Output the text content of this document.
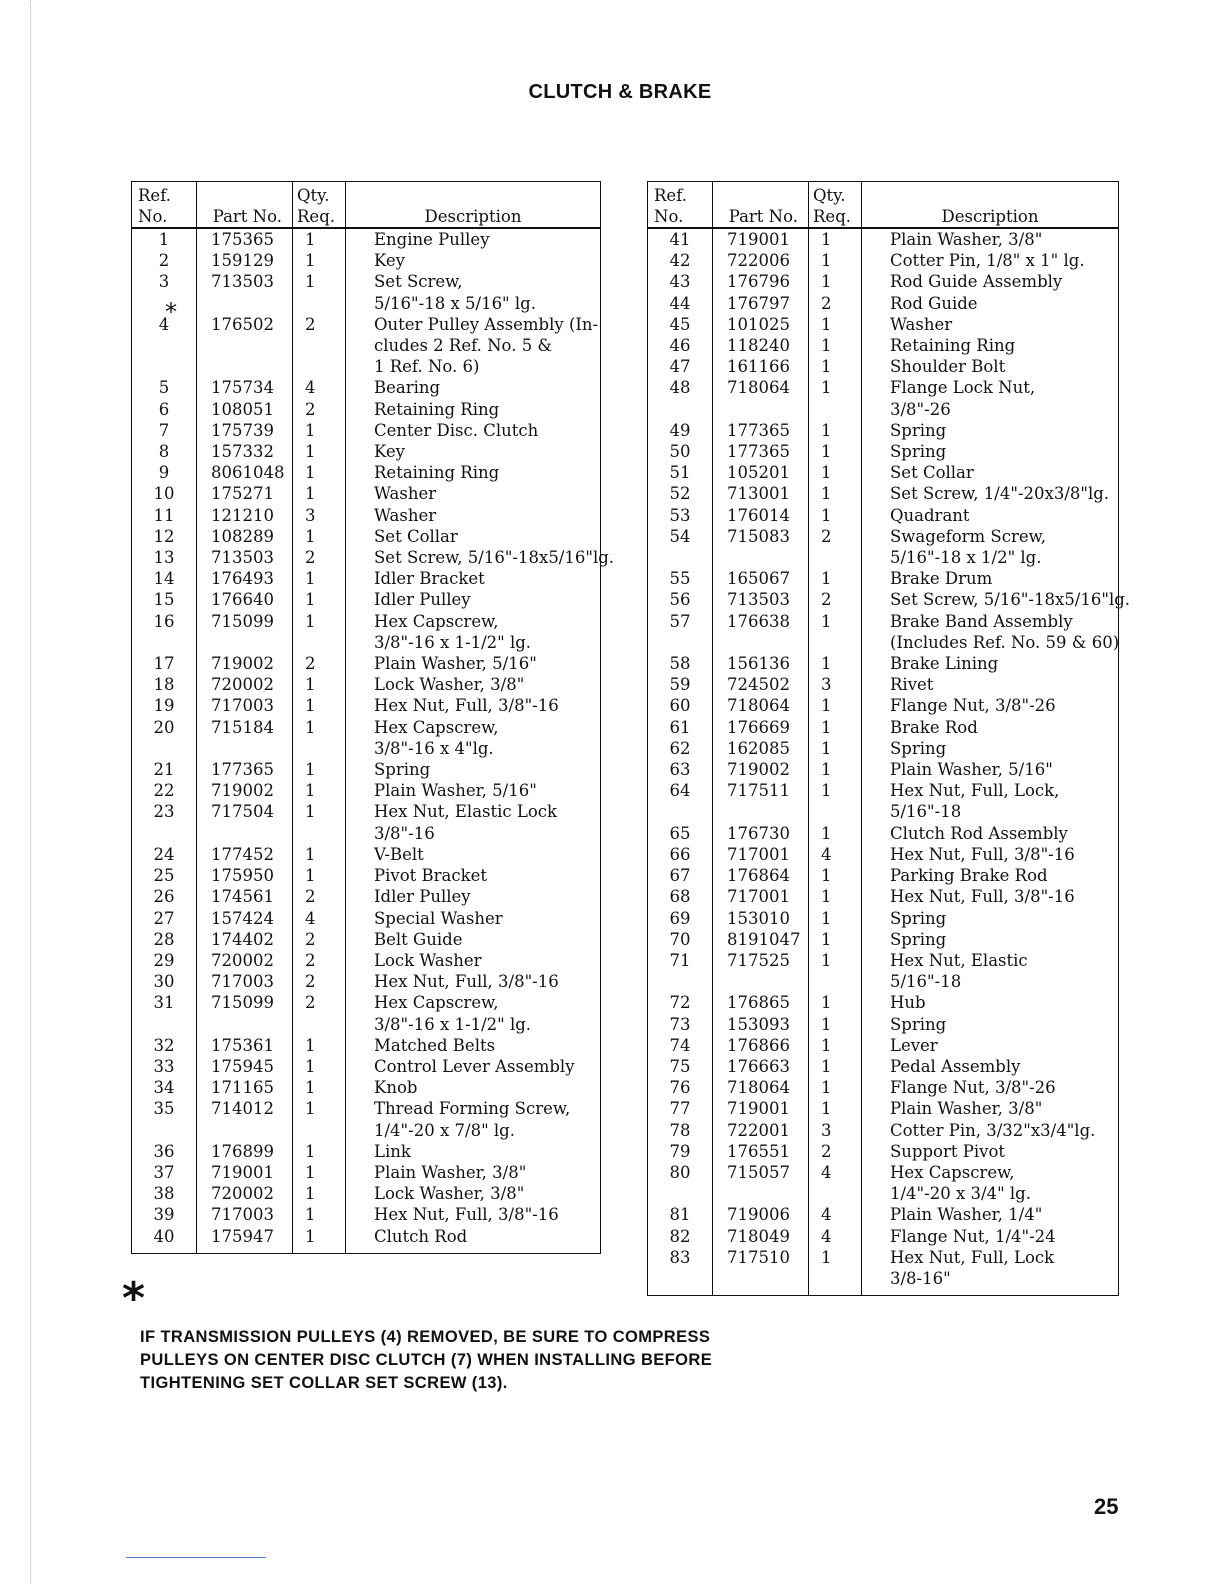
CLUTCH & BRAKE
Ref.
No.	Part No.	Qty.
Req.	Description
1	175365	1	Engine Pulley
2	159129	1	Key
3	713503	1	Set Screw,
			5/16"-18 x 5/16" lg.
4	176502	2	Outer Pulley Assembly (In-
			cludes 2 Ref. No. 5 &
			1 Ref. No. 6)
5	175734	4	Bearing
6	108051	2	Retaining Ring
7	175739	1	Center Disc. Clutch
8	157332	1	Key
9	8061048	1	Retaining Ring
10	175271	1	Washer
11	121210	3	Washer
12	108289	1	Set Collar
13	713503	2	Set Screw, 5/16"-18x5/16"lg.
14	176493	1	Idler Bracket
15	176640	1	Idler Pulley
16	715099	1	Hex Capscrew,
			3/8"-16 x 1-1/2" lg.
17	719002	2	Plain Washer, 5/16"
18	720002	1	Lock Washer, 3/8"
19	717003	1	Hex Nut, Full, 3/8"-16
20	715184	1	Hex Capscrew,
			3/8"-16 x 4"lg.
21	177365	1	Spring
22	719002	1	Plain Washer, 5/16"
23	717504	1	Hex Nut, Elastic Lock
			3/8"-16
24	177452	1	V-Belt
25	175950	1	Pivot Bracket
26	174561	2	Idler Pulley
27	157424	4	Special Washer
28	174402	2	Belt Guide
29	720002	2	Lock Washer
30	717003	2	Hex Nut, Full, 3/8"-16
31	715099	2	Hex Capscrew,
			3/8"-16 x 1-1/2" lg.
32	175361	1	Matched Belts
33	175945	1	Control Lever Assembly
34	171165	1	Knob
35	714012	1	Thread Forming Screw,
			1/4"-20 x 7/8" lg.
36	176899	1	Link
37	719001	1	Plain Washer, 3/8"
38	720002	1	Lock Washer, 3/8"
39	717003	1	Hex Nut, Full, 3/8"-16
40	175947	1	Clutch Rod

Ref.
No.	Part No.	Qty.
Req.	Description
41	719001	1	Plain Washer, 3/8"
42	722006	1	Cotter Pin, 1/8" x 1" lg.
43	176796	1	Rod Guide Assembly
44	176797	2	Rod Guide
45	101025	1	Washer
46	118240	1	Retaining Ring
47	161166	1	Shoulder Bolt
48	718064	1	Flange Lock Nut,
			3/8"-26
49	177365	1	Spring
50	177365	1	Spring
51	105201	1	Set Collar
52	713001	1	Set Screw, 1/4"-20x3/8"lg.
53	176014	1	Quadrant
54	715083	2	Swageform Screw,
			5/16"-18 x 1/2" lg.
55	165067	1	Brake Drum
56	713503	2	Set Screw, 5/16"-18x5/16"lg.
57	176638	1	Brake Band Assembly
			(Includes Ref. No. 59 & 60)
58	156136	1	Brake Lining
59	724502	3	Rivet
60	718064	1	Flange Nut, 3/8"-26
61	176669	1	Brake Rod
62	162085	1	Spring
63	719002	1	Plain Washer, 5/16"
64	717511	1	Hex Nut, Full, Lock,
			5/16"-18
65	176730	1	Clutch Rod Assembly
66	717001	4	Hex Nut, Full, 3/8"-16
67	176864	1	Parking Brake Rod
68	717001	1	Hex Nut, Full, 3/8"-16
69	153010	1	Spring
70	8191047	1	Spring
71	717525	1	Hex Nut, Elastic
			5/16"-18
72	176865	1	Hub
73	153093	1	Spring
74	176866	1	Lever
75	176663	1	Pedal Assembly
76	718064	1	Flange Nut, 3/8"-26
77	719001	1	Plain Washer, 3/8"
78	722001	3	Cotter Pin, 3/32"x3/4"lg.
79	176551	2	Support Pivot
80	715057	4	Hex Capscrew,
			1/4"-20 x 3/4" lg.
81	719006	4	Plain Washer, 1/4"
82	718049	4	Flange Nut, 1/4"-24
83	717510	1	Hex Nut, Full, Lock
			3/8-16"

*
*
IF TRANSMISSION PULLEYS (4) REMOVED, BE SURE TO COMPRESS
PULLEYS ON CENTER DISC CLUTCH (7) WHEN INSTALLING BEFORE
TIGHTENING SET COLLAR SET SCREW (13).
25
